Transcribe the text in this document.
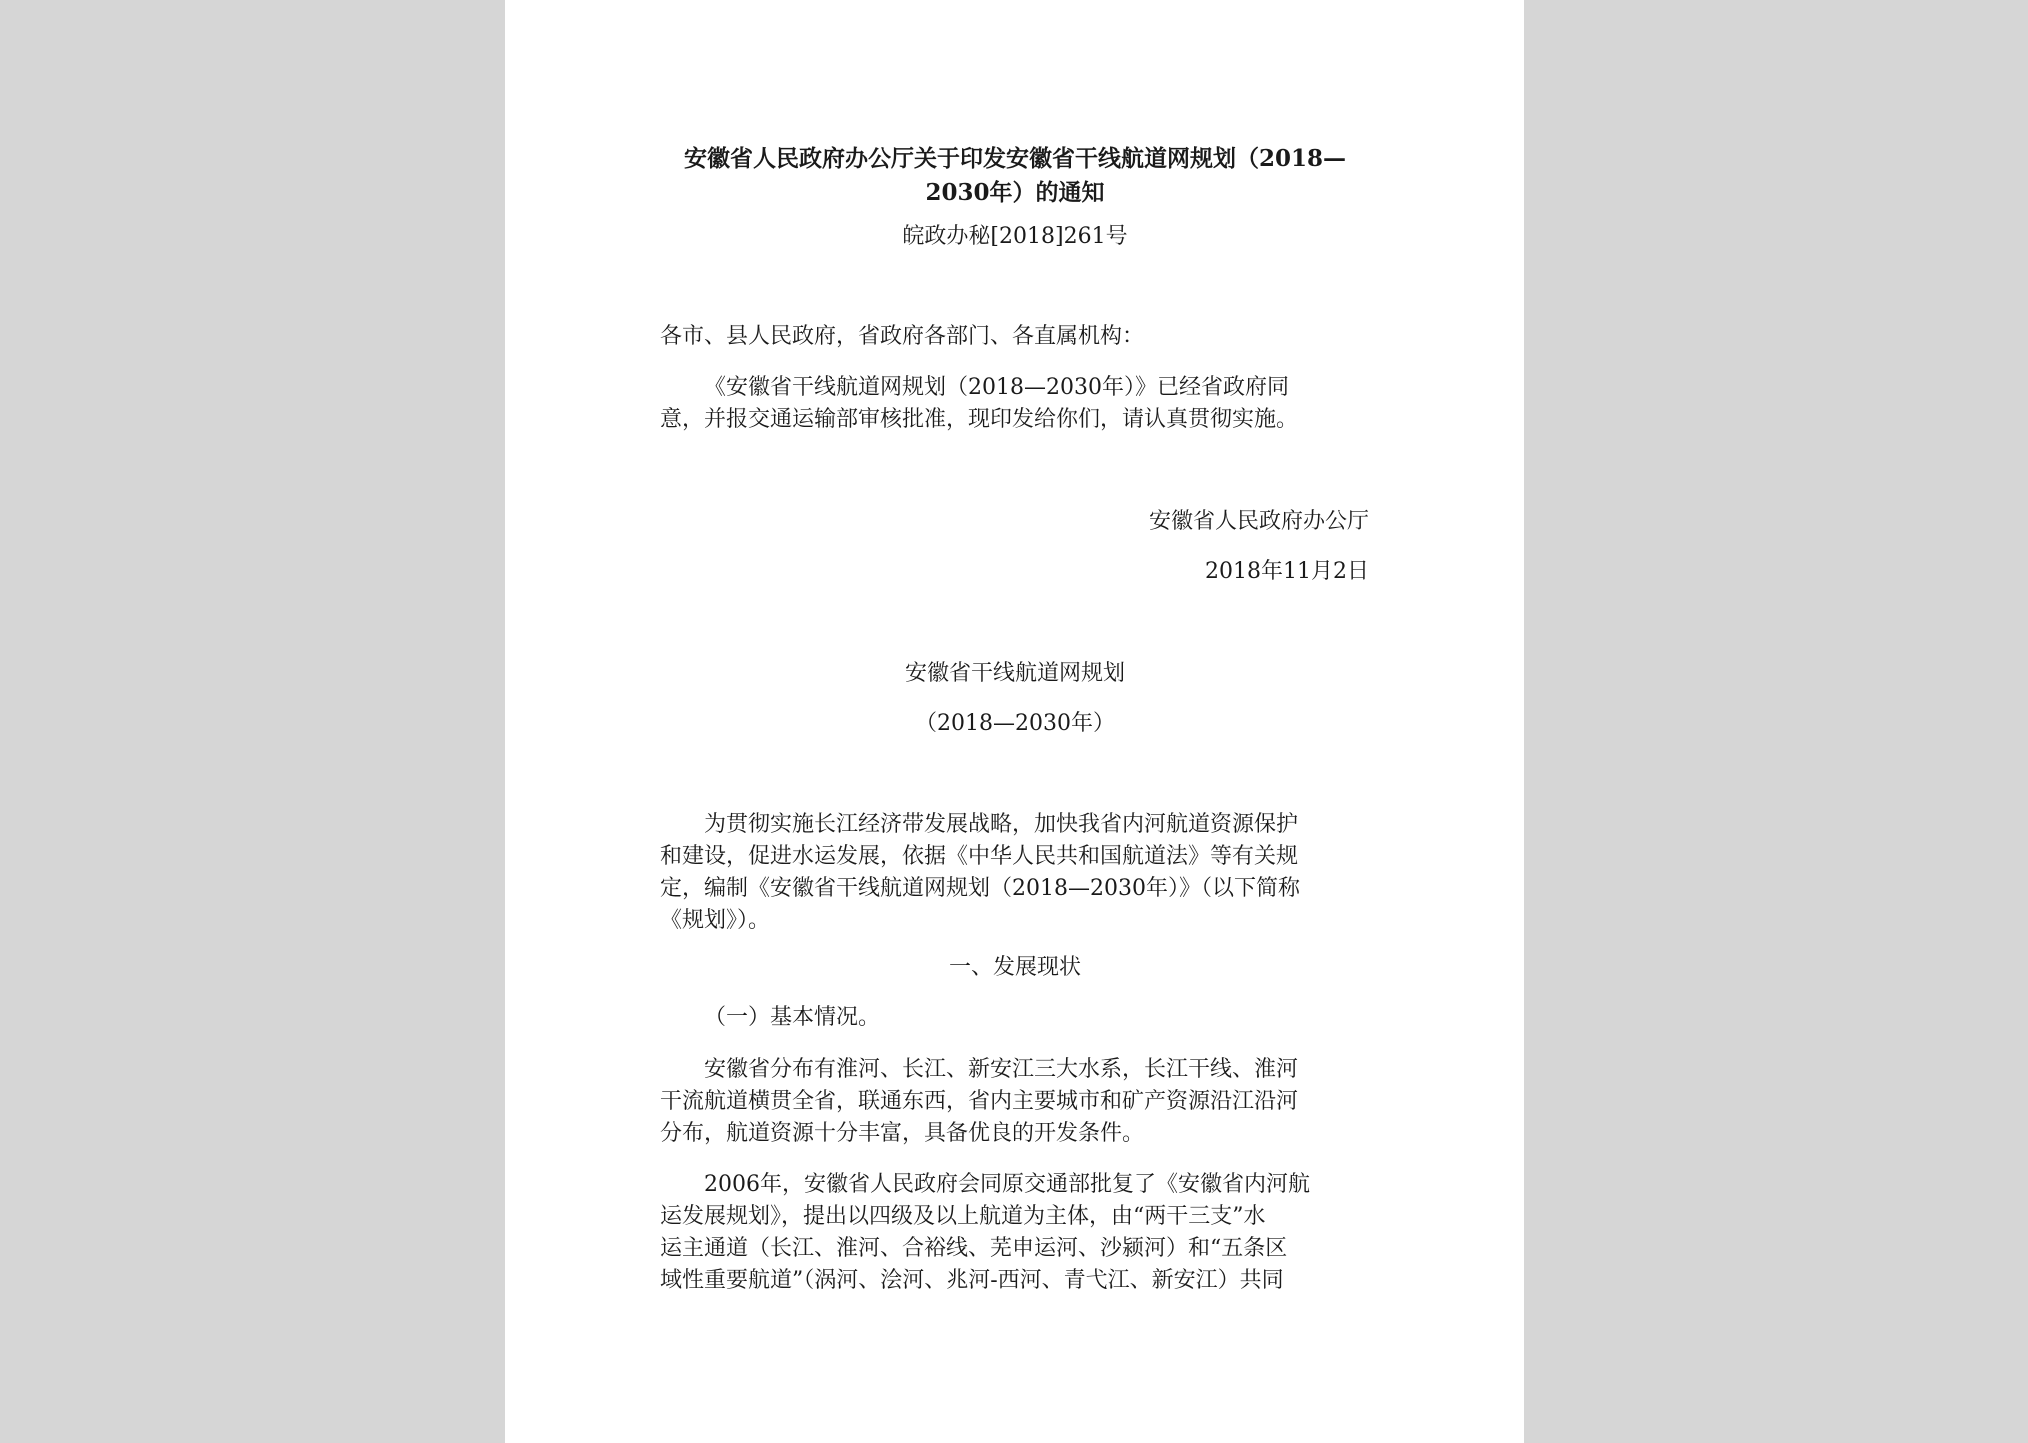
安徽省人民政府办公厅关于印发安徽省干线航道网规划（2018—
2030年）的通知
皖政办秘[2018]261号
各市、县人民政府，省政府各部门、各直属机构：
《安徽省干线航道网规划（2018—2030年）》已经省政府同
意，并报交通运输部审核批准，现印发给你们，请认真贯彻实施。
安徽省人民政府办公厅
2018年11月2日
安徽省干线航道网规划
（2018—2030年）
为贯彻实施长江经济带发展战略，加快我省内河航道资源保护
和建设，促进水运发展，依据《中华人民共和国航道法》等有关规
定，编制《安徽省干线航道网规划（2018—2030年）》（以下简称
《规划》）。
一、发展现状
（一）基本情况。
安徽省分布有淮河、长江、新安江三大水系，长江干线、淮河
干流航道横贯全省，联通东西，省内主要城市和矿产资源沿江沿河
分布，航道资源十分丰富，具备优良的开发条件。
2006年，安徽省人民政府会同原交通部批复了《安徽省内河航
运发展规划》，提出以四级及以上航道为主体，由“两干三支”水
运主通道（长江、淮河、合裕线、芜申运河、沙颍河）和“五条区
域性重要航道”（涡河、浍河、兆河-西河、青弋江、新安江）共同
